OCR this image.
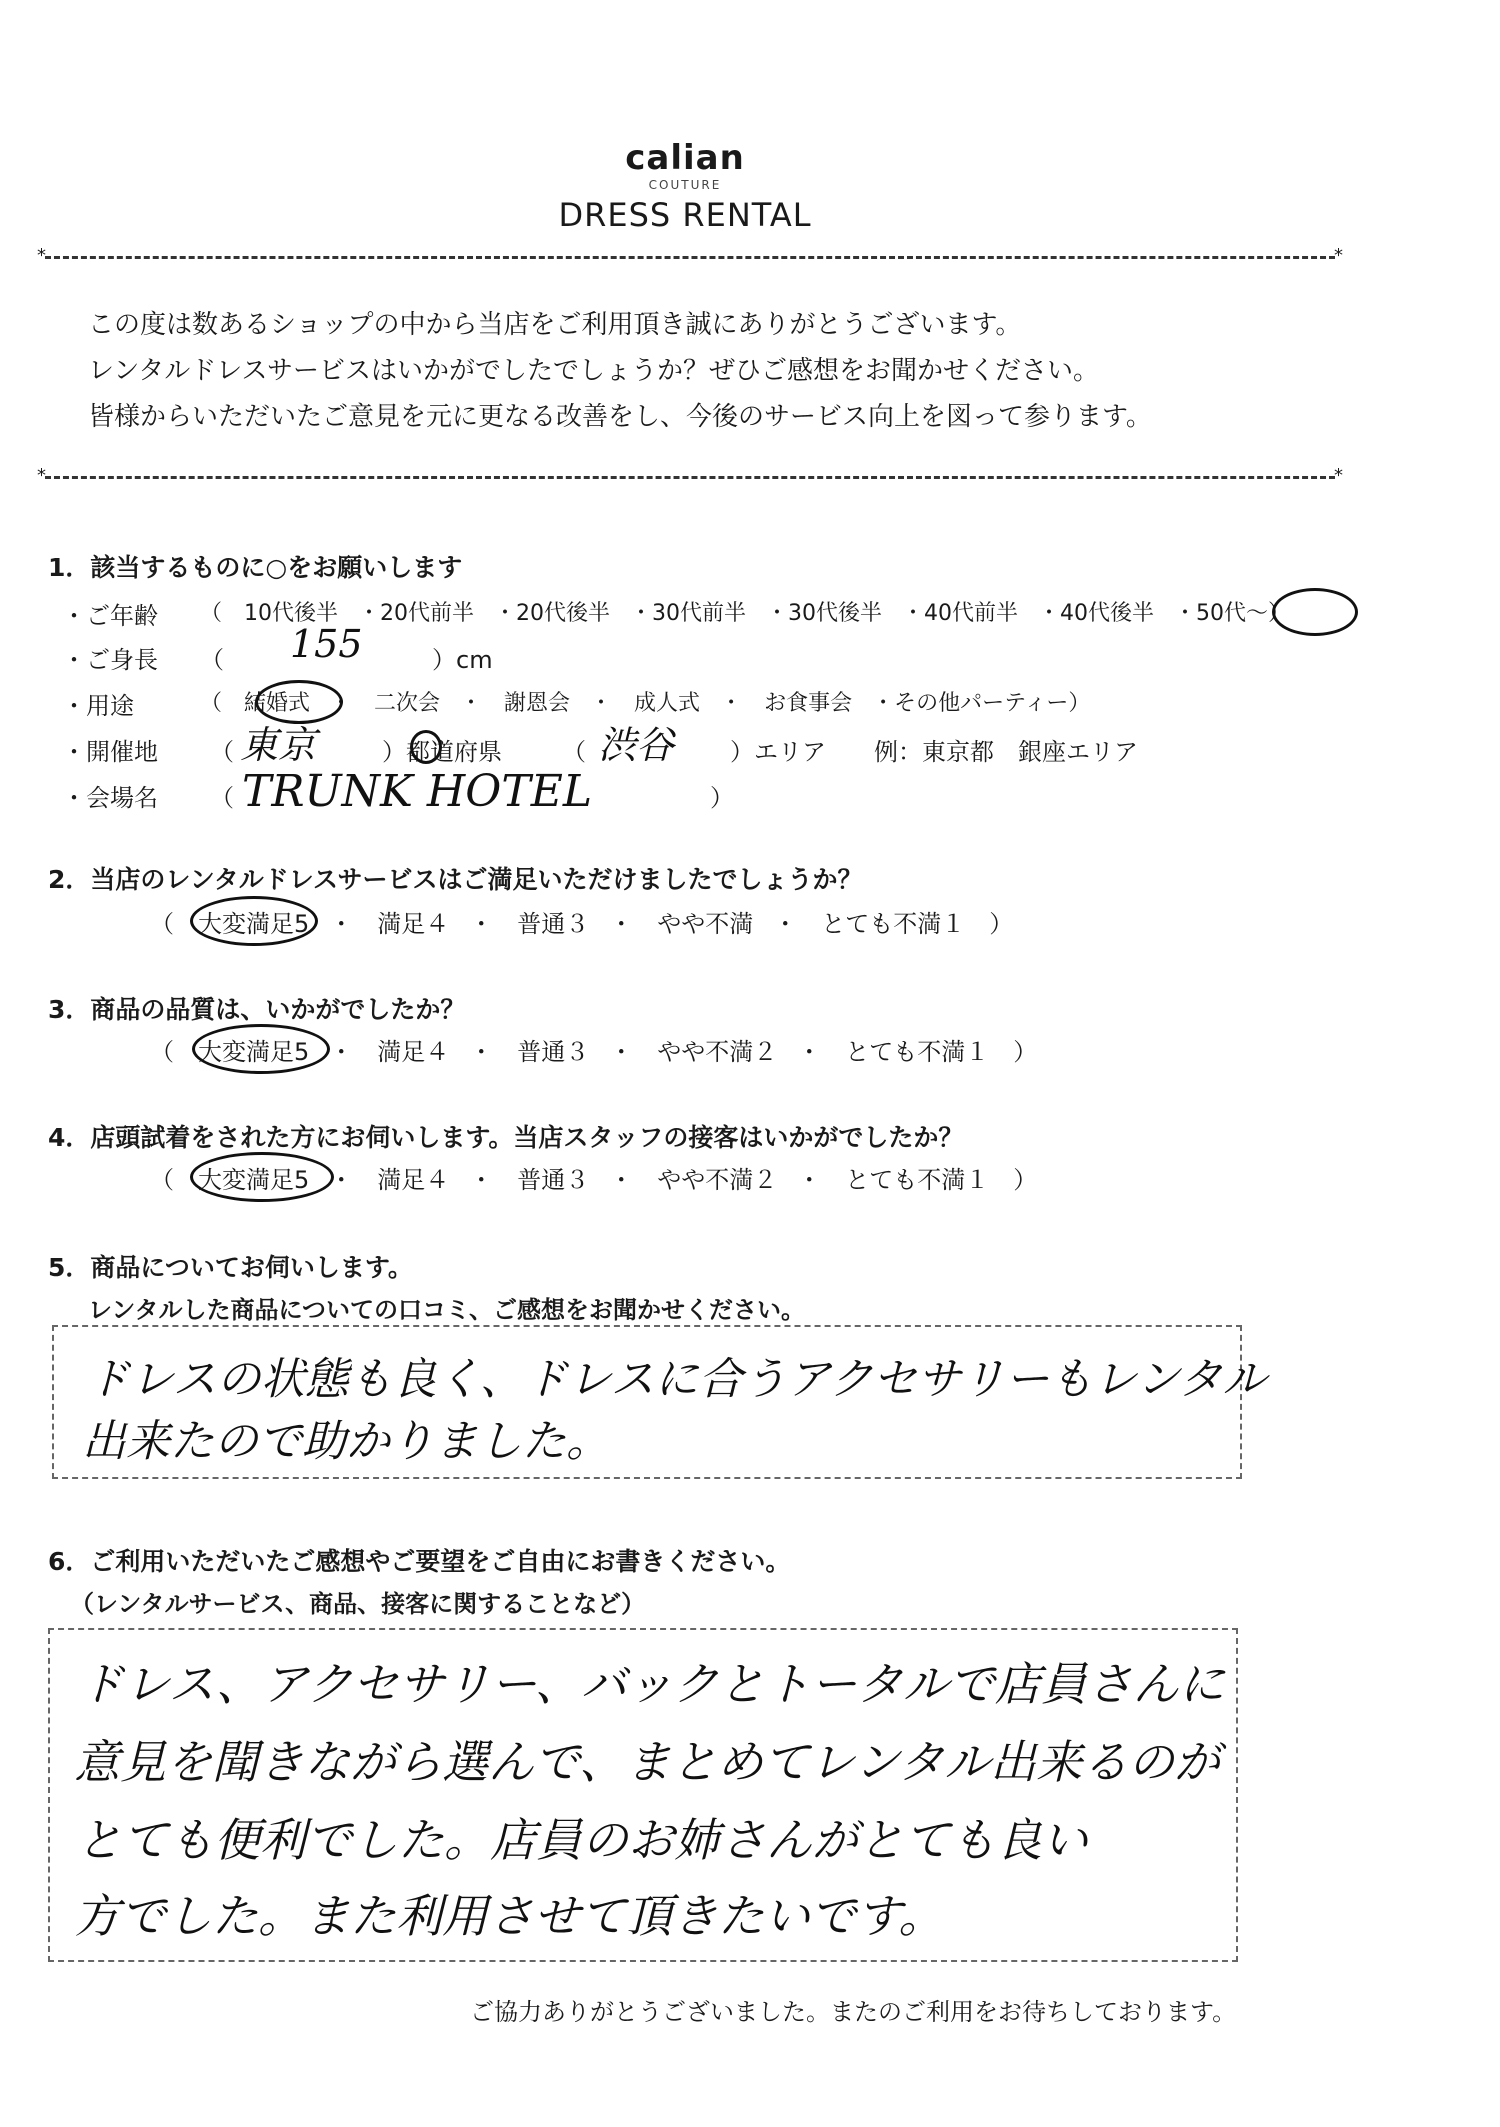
calian
COUTURE
DRESS RENTAL
* *
この度は数あるショップの中から当店をご利用頂き誠にありがとうございます。
レンタルドレスサービスはいかがでしたでしょうか？ぜひご感想をお聞かせください。
皆様からいただいたご意見を元に更なる改善をし、今後のサービス向上を図って参ります。
* *
1．該当するものに○をお願いします
・ご年齢 （　10代後半 ・20代前半 ・20代後半 ・30代前半 ・30代後半 ・40代前半 ・40代後半 ・50代〜）
・ご身長 （ 155	）cm
・用途	（　結婚式 ・　二次会 ・　謝恩会 ・　成人式 ・　お食事会 ・その他パーティー）
・開催地 （ 東京	）都道府県	（ 渋谷 ）エリア　　例：東京都　銀座エリア
・会場名 （ TRUNK HOTEL	）
2．当店のレンタルドレスサービスはご満足いただけましたでしょうか？
（　大変満足5 ・　満足４ ・　普通３ ・　やや不満 ・　とても不満１　）
3．商品の品質は、いかがでしたか？
（　大変満足5 ・　満足４ ・　普通３ ・　やや不満２ ・　とても不満１　）
4．店頭試着をされた方にお伺いします。当店スタッフの接客はいかがでしたか？
（　大変満足5 ・　満足４ ・　普通３ ・　やや不満２ ・　とても不満１　）
5．商品についてお伺いします。
レンタルした商品についての口コミ、ご感想をお聞かせください。
ドレスの状態も良く、ドレスに合うアクセサリーもレンタル
出来たので助かりました。
6．ご利用いただいたご感想やご要望をご自由にお書きください。
（レンタルサービス、商品、接客に関することなど）
ドレス、アクセサリー、バックとトータルで店員さんに
意見を聞きながら選んで、まとめてレンタル出来るのが
とても便利でした。店員のお姉さんがとても良い
方でした。また利用させて頂きたいです。
ご協力ありがとうございました。またのご利用をお待ちしております。
